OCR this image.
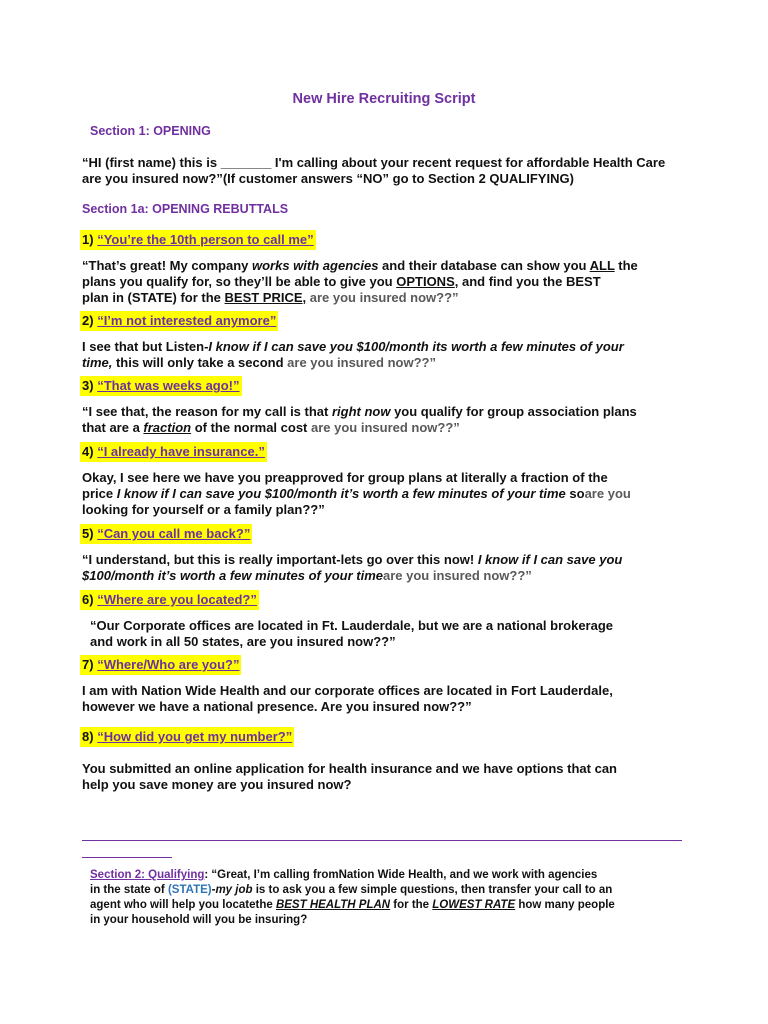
New Hire Recruiting Script
Section 1: OPENING
“HI (first name) this is _______ I'm calling about your recent request for affordable Health Care
are you insured now?”(If customer answers “NO” go to Section 2 QUALIFYING)
Section 1a: OPENING REBUTTALS
1) “You’re the 10th person to call me”
“That’s great! My company works with agencies and their database can show you ALL the
plans you qualify for, so they’ll be able to give you OPTIONS, and find you the BEST
plan in (STATE) for the BEST PRICE, are you insured now??”
2) “I’m not interested anymore”
I see that but Listen-I know if I can save you $100/month its worth a few minutes of your
time, this will only take a second are you insured now??”
3) “That was weeks ago!”
“I see that, the reason for my call is that right now you qualify for group association plans
that are a fraction of the normal cost are you insured now??”
4) “I already have insurance.”
Okay, I see here we have you preapproved for group plans at literally a fraction of the
price I know if I can save you $100/month it’s worth a few minutes of your time soare you
looking for yourself or a family plan??”
5) “Can you call me back?”
“I understand, but this is really important-lets go over this now! I know if I can save you
$100/month it’s worth a few minutes of your timeare you insured now??”
6) “Where are you located?”
“Our Corporate offices are located in Ft. Lauderdale, but we are a national brokerage
and work in all 50 states, are you insured now??”
7) “Where/Who are you?”
I am with Nation Wide Health and our corporate offices are located in Fort Lauderdale,
however we have a national presence. Are you insured now??”
8) “How did you get my number?”
You submitted an online application for health insurance and we have options that can
help you save money are you insured now?
Section 2: Qualifying: “Great, I’m calling fromNation Wide Health, and we work with agencies
in the state of (STATE)-my job is to ask you a few simple questions, then transfer your call to an
agent who will help you locatethe BEST HEALTH PLAN for the LOWEST RATE how many people
in your household will you be insuring?
